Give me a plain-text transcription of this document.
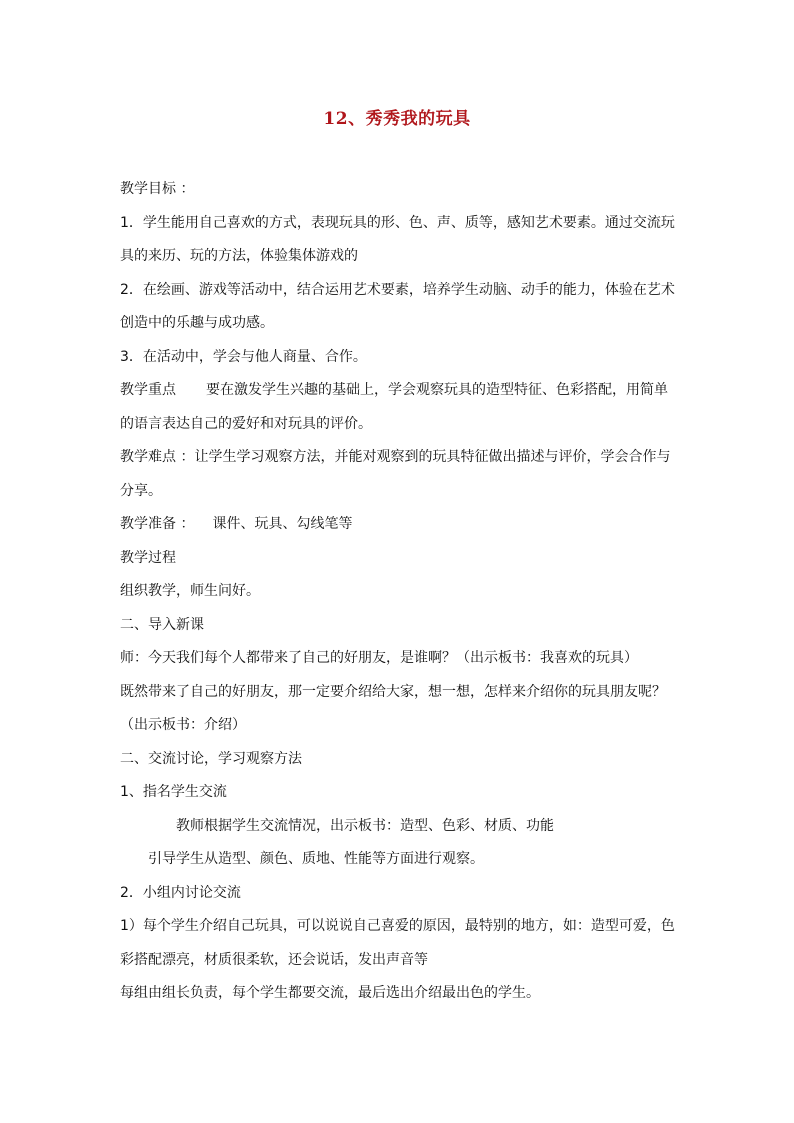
12、秀秀我的玩具

教学目标 ：

1．学生能用自己喜欢的方式，表现玩具的形、色、声、质等，感知艺术要素。通过交流玩

具的来历、玩的方法，体验集体游戏的

2．在绘画、游戏等活动中，结合运用艺术要素，培养学生动脑、动手的能力，体验在艺术

创造中的乐趣与成功感。

3．在活动中，学会与他人商量、合作。

教学重点 要在激发学生兴趣的基础上，学会观察玩具的造型特征、色彩搭配，用简单

的语言表达自己的爱好和对玩具的评价。

教学难点 ：让学生学习观察方法，并能对观察到的玩具特征做出描述与评价，学会合作与

分享。

教学准备 ： 课件、玩具、勾线笔等

教学过程

组织教学，师生问好。

二、导入新课

师：今天我们每个人都带来了自己的好朋友，是谁啊？（出示板书：我喜欢的玩具）

既然带来了自己的好朋友，那一定要介绍给大家，想一想，怎样来介绍你的玩具朋友呢？

（出示板书：介绍）

二、交流讨论，学习观察方法

1、指名学生交流

教师根据学生交流情况，出示板书：造型、色彩、材质、功能

引导学生从造型、颜色、质地、性能等方面进行观察。

2．小组内讨论交流

1）每个学生介绍自己玩具，可以说说自己喜爱的原因，最特别的地方，如：造型可爱，色

彩搭配漂亮，材质很柔软，还会说话，发出声音等

每组由组长负责，每个学生都要交流，最后选出介绍最出色的学生。
